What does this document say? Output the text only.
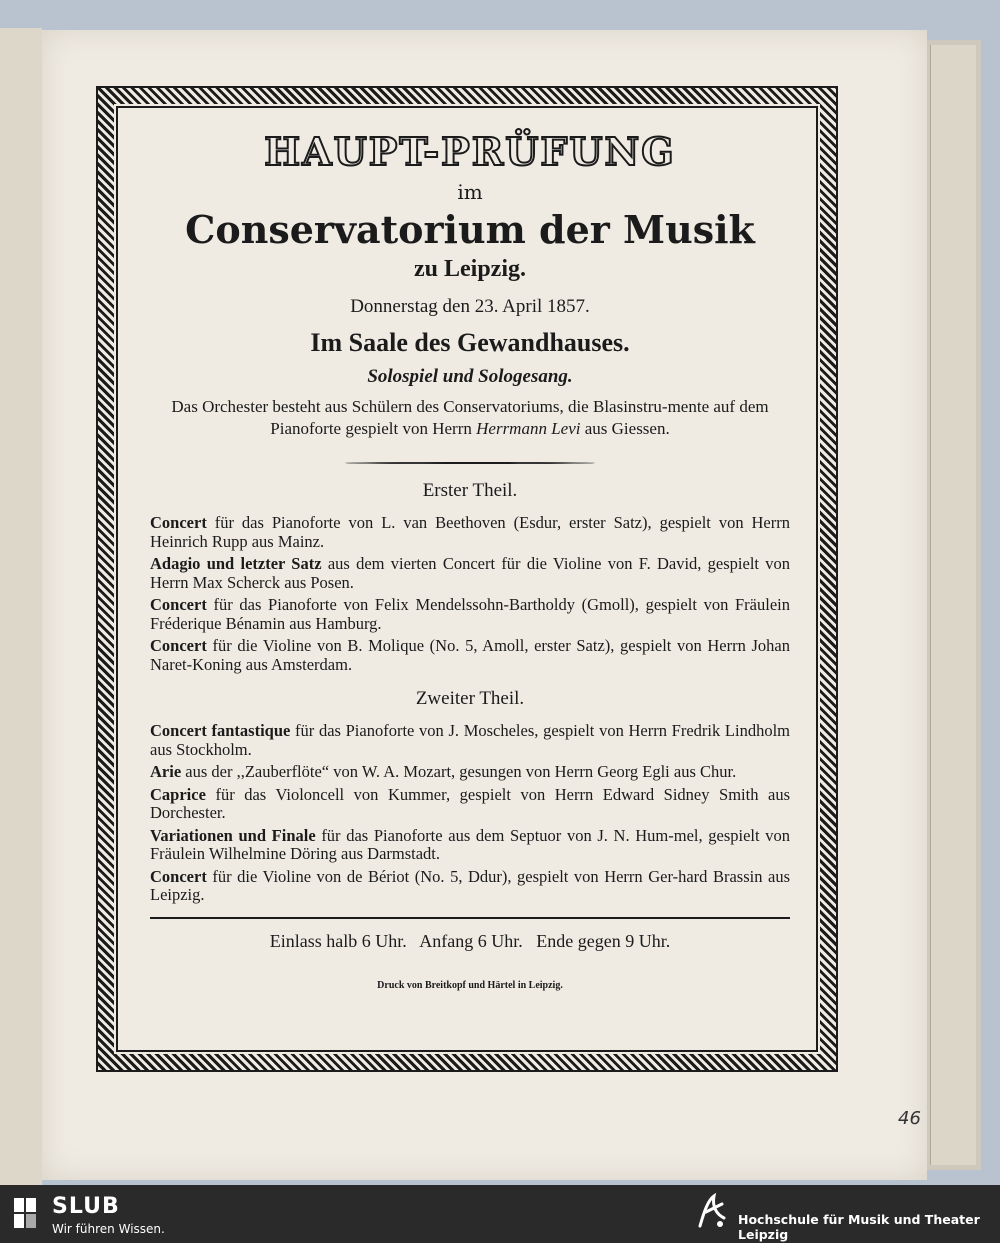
HAUPT-PRÜFUNG
im
Conservatorium der Musik
zu Leipzig.
Donnerstag den 23. April 1857.
Im Saale des Gewandhauses.
Solospiel und Sologesang.
Das Orchester besteht aus Schülern des Conservatoriums, die Blasinstru-mente auf dem Pianoforte gespielt von Herrn Herrmann Levi aus Giessen.
Erster Theil.
Concert für das Pianoforte von L. van Beethoven (Esdur, erster Satz), gespielt von Herrn Heinrich Rupp aus Mainz.
Adagio und letzter Satz aus dem vierten Concert für die Violine von F. David, gespielt von Herrn Max Scherck aus Posen.
Concert für das Pianoforte von Felix Mendelssohn-Bartholdy (Gmoll), gespielt von Fräulein Fréderique Bénamin aus Hamburg.
Concert für die Violine von B. Molique (No. 5, Amoll, erster Satz), gespielt von Herrn Johan Naret-Koning aus Amsterdam.
Zweiter Theil.
Concert fantastique für das Pianoforte von J. Moscheles, gespielt von Herrn Fredrik Lindholm aus Stockholm.
Arie aus der ,,Zauberflöte“ von W. A. Mozart, gesungen von Herrn Georg Egli aus Chur.
Caprice für das Violoncell von Kummer, gespielt von Herrn Edward Sidney Smith aus Dorchester.
Variationen und Finale für das Pianoforte aus dem Septuor von J. N. Hum-mel, gespielt von Fräulein Wilhelmine Döring aus Darmstadt.
Concert für die Violine von de Bériot (No. 5, Ddur), gespielt von Herrn Ger-hard Brassin aus Leipzig.
Einlass halb 6 Uhr.   Anfang 6 Uhr.   Ende gegen 9 Uhr.
Druck von Breitkopf und Härtel in Leipzig.
46
SLUB
Wir führen Wissen.
Hochschule für Musik und Theater Leipzig
